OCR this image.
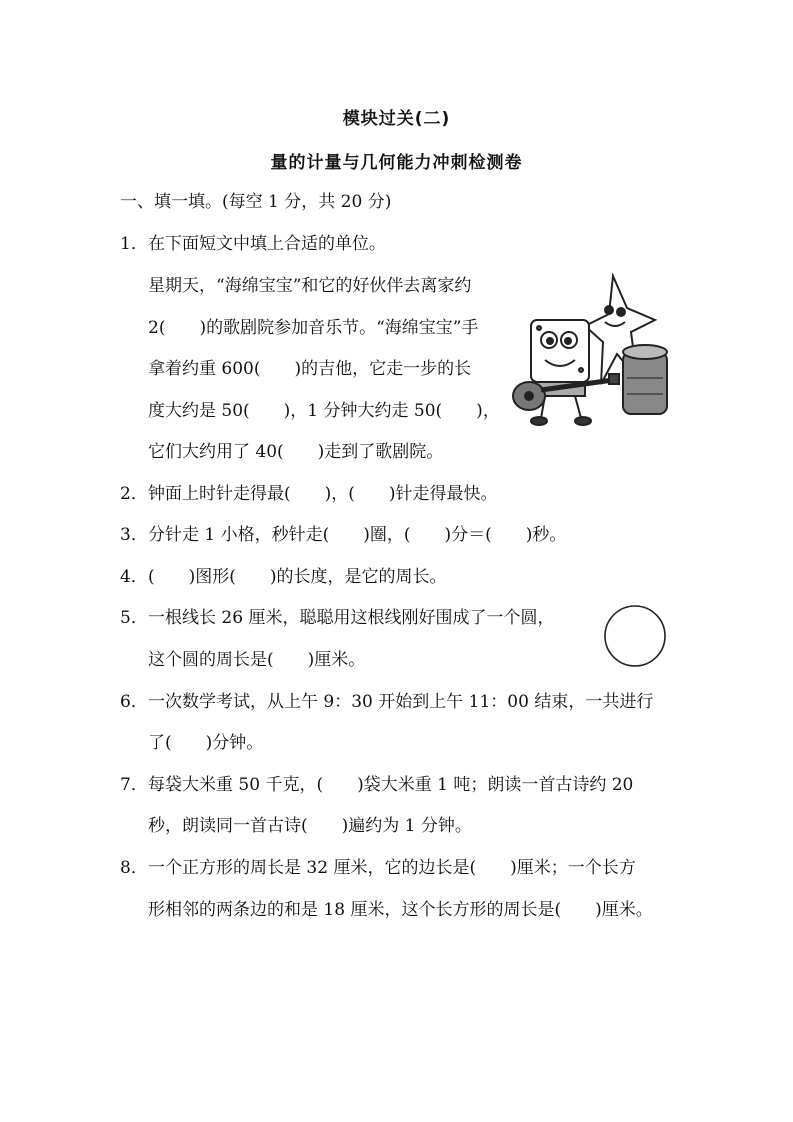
模块过关(二)
量的计量与几何能力冲刺检测卷
一、填一填。(每空 1 分，共 20 分)
1．在下面短文中填上合适的单位。
星期天，“海绵宝宝”和它的好伙伴去离家约
2(　　)的歌剧院参加音乐节。“海绵宝宝”手
拿着约重 600(　　)的吉他，它走一步的长
度大约是 50(　　)，1 分钟大约走 50(　　)，
它们大约用了 40(　　)走到了歌剧院。
2．钟面上时针走得最(　　)，(　　)针走得最快。
3．分针走 1 小格，秒针走(　　)圈，(　　)分＝(　　)秒。
4．(　　)图形(　　)的长度，是它的周长。
5．一根线长 26 厘米，聪聪用这根线刚好围成了一个圆，
这个圆的周长是(　　)厘米。
6．一次数学考试，从上午 9：30 开始到上午 11：00 结束，一共进行
了(　　)分钟。
7．每袋大米重 50 千克，(　　)袋大米重 1 吨；朗读一首古诗约 20
秒，朗读同一首古诗(　　)遍约为 1 分钟。
8．一个正方形的周长是 32 厘米，它的边长是(　　)厘米；一个长方
形相邻的两条边的和是 18 厘米，这个长方形的周长是(　　)厘米。
